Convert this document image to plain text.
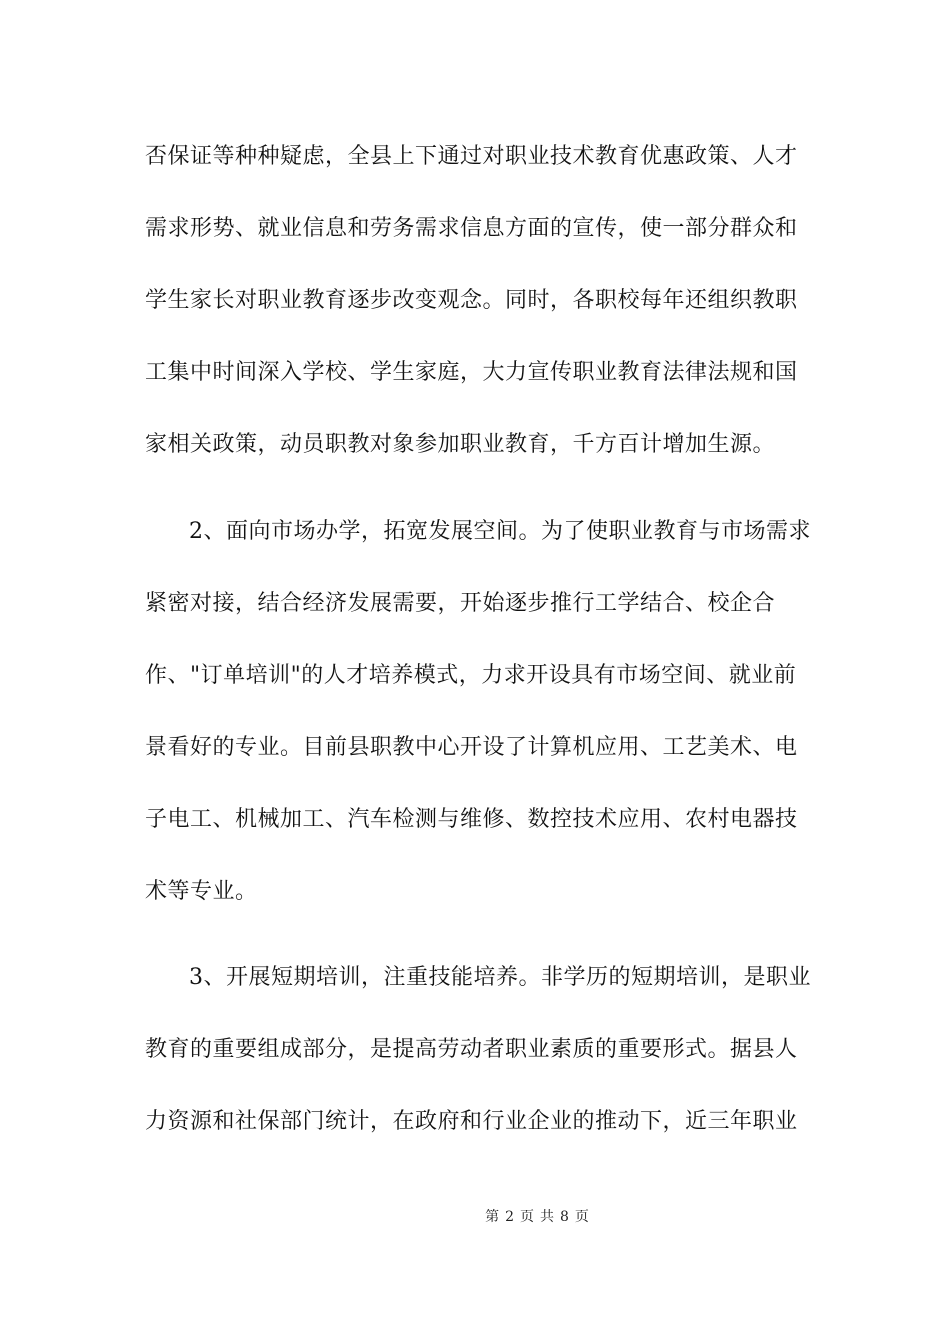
否保证等种种疑虑，全县上下通过对职业技术教育优惠政策、人才
需求形势、就业信息和劳务需求信息方面的宣传，使一部分群众和
学生家长对职业教育逐步改变观念。同时，各职校每年还组织教职
工集中时间深入学校、学生家庭，大力宣传职业教育法律法规和国
家相关政策，动员职教对象参加职业教育，千方百计增加生源。
2、面向市场办学，拓宽发展空间。为了使职业教育与市场需求
紧密对接，结合经济发展需要，开始逐步推行工学结合、校企合
作、"订单培训"的人才培养模式，力求开设具有市场空间、就业前
景看好的专业。目前县职教中心开设了计算机应用、工艺美术、电
子电工、机械加工、汽车检测与维修、数控技术应用、农村电器技
术等专业。
3、开展短期培训，注重技能培养。非学历的短期培训，是职业
教育的重要组成部分，是提高劳动者职业素质的重要形式。据县人
力资源和社保部门统计，在政府和行业企业的推动下，近三年职业
第 2 页 共 8 页
